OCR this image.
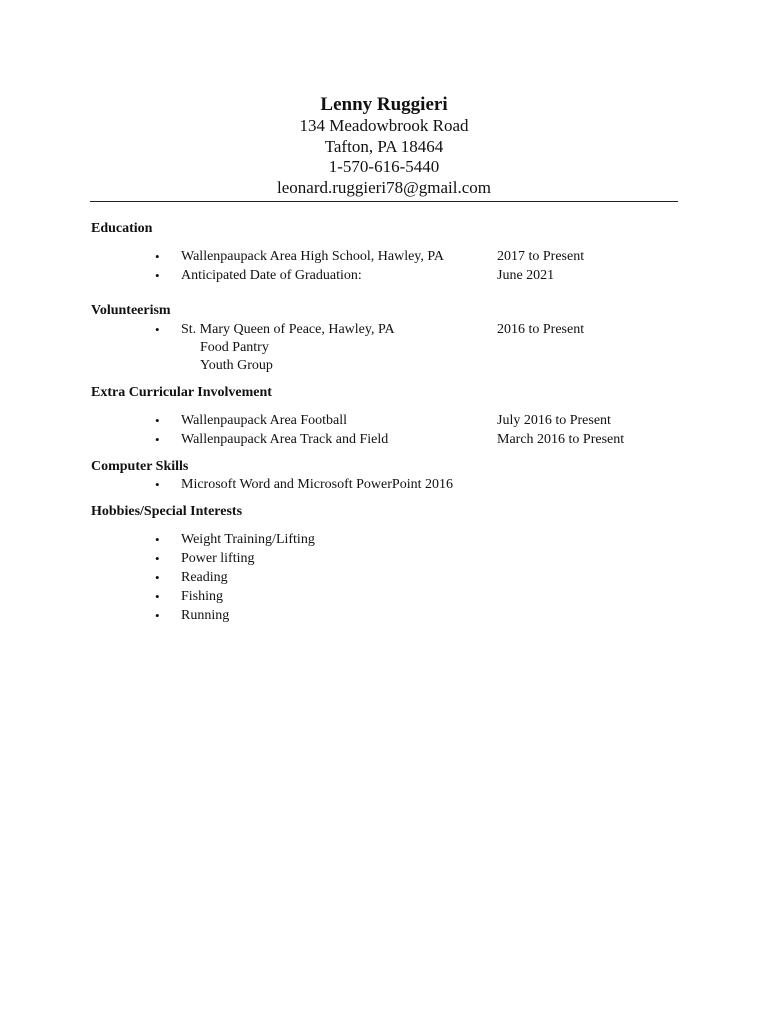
Lenny Ruggieri
134 Meadowbrook Road
Tafton, PA 18464
1-570-616-5440
leonard.ruggieri78@gmail.com
Education
•	Wallenpaupack Area High School, Hawley, PA	2017 to Present
•	Anticipated Date of Graduation:	June 2021
Volunteerism
•	St. Mary Queen of Peace, Hawley, PA	2016 to Present
Food Pantry
Youth Group
Extra Curricular Involvement
•	Wallenpaupack Area Football	July 2016 to Present
•	Wallenpaupack Area Track and Field	March 2016 to Present
Computer Skills
•	Microsoft Word and Microsoft PowerPoint 2016
Hobbies/Special Interests
•	Weight Training/Lifting
•	Power lifting
•	Reading
•	Fishing
•	Running
